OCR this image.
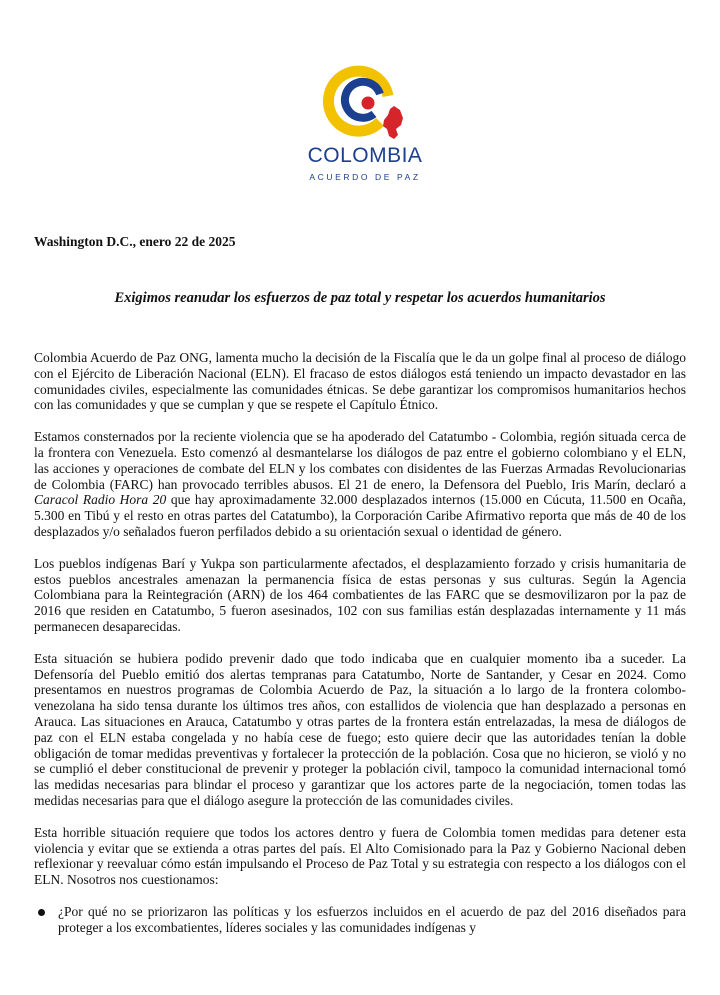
COLOMBIA
ACUERDO DE PAZ
Washington D.C., enero 22 de 2025
Exigimos reanudar los esfuerzos de paz total y respetar los acuerdos humanitarios

Colombia Acuerdo de Paz ONG, lamenta mucho la decisión de la Fiscalía que le da un golpe final al proceso de diálogo con el Ejército de Liberación Nacional (ELN). El fracaso de estos diálogos está teniendo un impacto devastador en las comunidades civiles, especialmente las comunidades étnicas. Se debe garantizar los compromisos humanitarios hechos con las comunidades y que se cumplan y que se respete el Capítulo Étnico.

Estamos consternados por la reciente violencia que se ha apoderado del Catatumbo - Colombia, región situada cerca de la frontera con Venezuela. Esto comenzó al desmantelarse los diálogos de paz entre el gobierno colombiano y el ELN, las acciones y operaciones de combate del ELN y los combates con disidentes de las Fuerzas Armadas Revolucionarias de Colombia (FARC) han provocado terribles abusos. El 21 de enero, la Defensora del Pueblo, Iris Marín, declaró a Caracol Radio Hora 20 que hay aproximadamente 32.000 desplazados internos (15.000 en Cúcuta, 11.500 en Ocaña, 5.300 en Tibú y el resto en otras partes del Catatumbo), la Corporación Caribe Afirmativo reporta que más de 40 de los desplazados y/o señalados fueron perfilados debido a su orientación sexual o identidad de género.

Los pueblos indígenas Barí y Yukpa son particularmente afectados, el desplazamiento forzado y crisis humanitaria de estos pueblos ancestrales amenazan la permanencia física de estas personas y sus culturas. Según la Agencia Colombiana para la Reintegración (ARN) de los 464 combatientes de las FARC que se desmovilizaron por la paz de 2016 que residen en Catatumbo, 5 fueron asesinados, 102 con sus familias están desplazadas internamente y 11 más permanecen desaparecidas.

Esta situación se hubiera podido prevenir dado que todo indicaba que en cualquier momento iba a suceder. La Defensoría del Pueblo emitió dos alertas tempranas para Catatumbo, Norte de Santander, y Cesar en 2024. Como presentamos en nuestros programas de Colombia Acuerdo de Paz, la situación a lo largo de la frontera colombo-venezolana ha sido tensa durante los últimos tres años, con estallidos de violencia que han desplazado a personas en Arauca. Las situaciones en Arauca, Catatumbo y otras partes de la frontera están entrelazadas, la mesa de diálogos de paz con el ELN estaba congelada y no había cese de fuego; esto quiere decir que las autoridades tenían la doble obligación de tomar medidas preventivas y fortalecer la protección de la población. Cosa que no hicieron, se violó y no se cumplió el deber constitucional de prevenir y proteger la población civil, tampoco la comunidad internacional tomó las medidas necesarias para blindar el proceso y garantizar que los actores parte de la negociación, tomen todas las medidas necesarias para que el diálogo asegure la protección de las comunidades civiles.

Esta horrible situación requiere que todos los actores dentro y fuera de Colombia tomen medidas para detener esta violencia y evitar que se extienda a otras partes del país. El Alto Comisionado para la Paz y Gobierno Nacional deben reflexionar y reevaluar cómo están impulsando el Proceso de Paz Total y su estrategia con respecto a los diálogos con el ELN. Nosotros nos cuestionamos:

¿Por qué no se priorizaron las políticas y los esfuerzos incluidos en el acuerdo de paz del 2016 diseñados para proteger a los excombatientes, líderes sociales y las comunidades indígenas y
